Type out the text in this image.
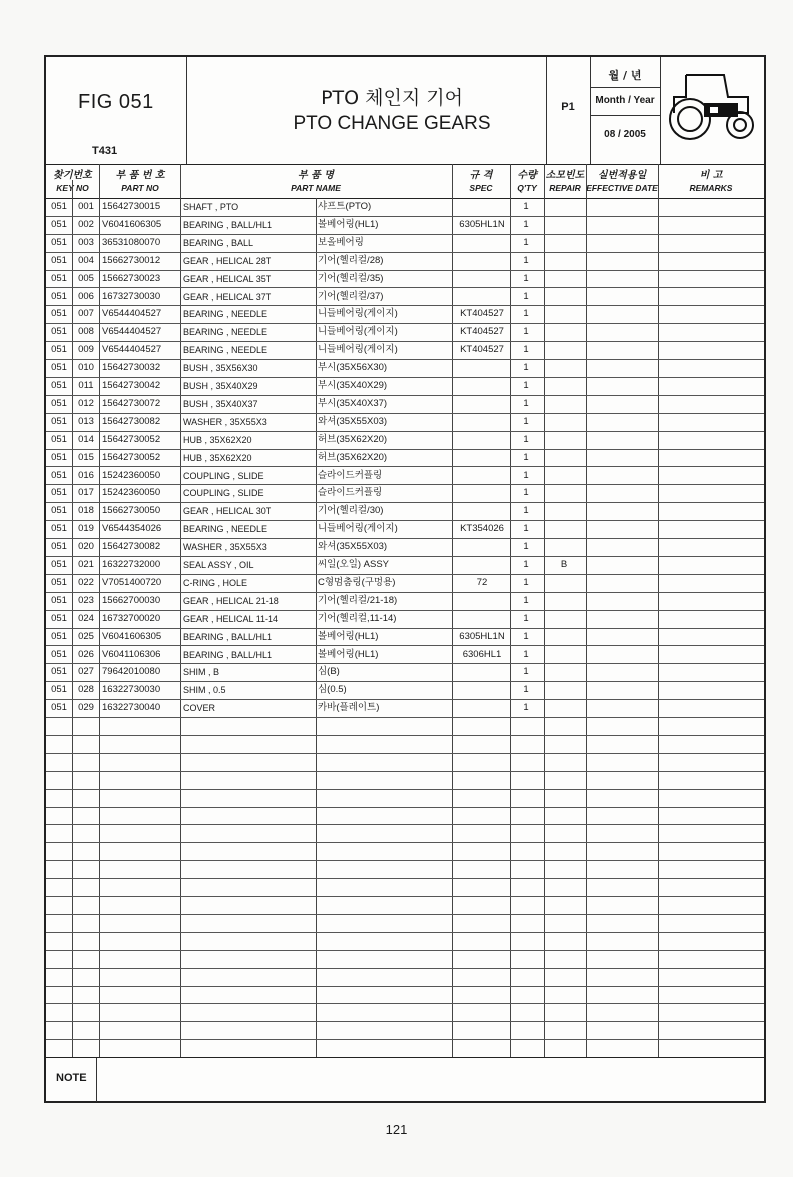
FIG 051
T431
PTO 체인지 기어
PTO CHANGE GEARS
P1
월 / 년
Month / Year
08 / 2005
찾기번호
KEY NO
부 품 번 호
PART NO
부 품 명
PART NAME
규 격
SPEC
수량
Q'TY
소모빈도
REPAIR
실번적용일
EFFECTIVE DATE
비 고
REMARKS
051	001 15642730015	SHAFT , PTO	샤프트(PTO)	1
051	002 V6041606305	BEARING , BALL/HL1	볼베어링(HL1)	6305HL1N	1
051	003 36531080070	BEARING , BALL	보올베어링	1
051	004 15662730012	GEAR , HELICAL 28T	기어(헬리컬/28)	1
051	005 15662730023	GEAR , HELICAL 35T	기어(헬리컬/35)	1
051	006 16732730030	GEAR , HELICAL 37T	기어(헬리컬/37)	1
051	007 V6544404527	BEARING , NEEDLE	니들베어링(게이지)	KT404527	1
051	008 V6544404527	BEARING , NEEDLE	니들베어링(게이지)	KT404527	1
051	009 V6544404527	BEARING , NEEDLE	니들베어링(게이지)	KT404527	1
051	010 15642730032	BUSH , 35X56X30	부시(35X56X30)	1
051	011 15642730042	BUSH , 35X40X29	부시(35X40X29)	1
051	012 15642730072	BUSH , 35X40X37	부시(35X40X37)	1
051	013 15642730082	WASHER , 35X55X3	와셔(35X55X03)	1
051	014 15642730052	HUB , 35X62X20	허브(35X62X20)	1
051	015 15642730052	HUB , 35X62X20	허브(35X62X20)	1
051	016 15242360050	COUPLING , SLIDE	슬라이드커플링	1
051	017 15242360050	COUPLING , SLIDE	슬라이드커플링	1
051	018 15662730050	GEAR , HELICAL 30T	기어(헬리컬/30)	1
051	019 V6544354026	BEARING , NEEDLE	니들베어링(게이지)	KT354026	1
051	020 15642730082	WASHER , 35X55X3	와셔(35X55X03)	1
051	021 16322732000	SEAL ASSY , OIL	씨일(오일) ASSY	1	B
051	022 V7051400720	C-RING , HOLE	C형멈춤링(구멍용)	72	1
051	023 15662700030	GEAR , HELICAL 21-18	기어(헬리컬/21-18)	1
051	024 16732700020	GEAR , HELICAL 11-14	기어(헬리컬,11-14)	1
051	025 V6041606305	BEARING , BALL/HL1	볼베어링(HL1)	6305HL1N	1
051	026 V6041106306	BEARING , BALL/HL1	볼베어링(HL1)	6306HL1	1
051	027 79642010080	SHIM , B	심(B)	1
051	028 16322730030	SHIM , 0.5	심(0.5)	1
051	029 16322730040	COVER	카바(플레이트)	1
NOTE
121
